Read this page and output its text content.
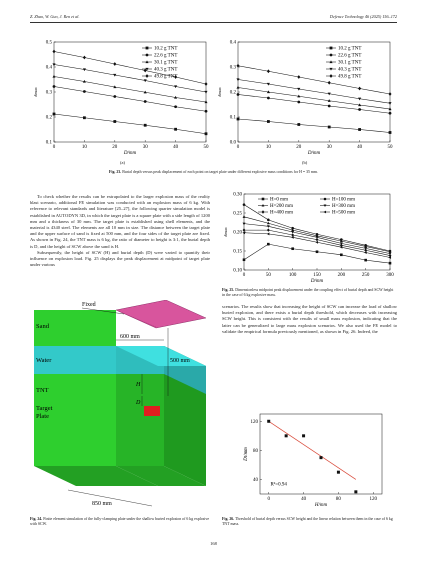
Z. Zhao, W. Guo, J. Ren et al.	Defence Technology 46 (2025) 156–172
0	10	20	30	40	50
0.1
0.2
0.3
0.4
0.5
D/mm
δmax
10.2 g TNT
22.6 g TNT
30.1 g TNT
40.3 g TNT
49.8 g TNT
0	10	20	30	40	50
0.0
0.1
0.2
0.3
0.4
D/mm
δmax
10.2 g TNT
22.6 g TNT
30.1 g TNT
40.3 g TNT
49.8 g TNT
(a)	(b)
Fig. 23. Burial depth versus peak displacement of each point on target plate under different explosive mass conditions for H = 35 mm.

To check whether the results can be extrapolated to the larger explosion mass of the reality blast scenario, additional FE simulation was conducted with an explosion mass of 6 kg. With reference to relevant standards and literature [25–27], the following quarter simulation model is established in AUTODYN 3D, in which the target plate is a square plate with a side length of 1200 mm and a thickness of 30 mm. The target plate is established using shell elements, and the material is 4340 steel. The elements are all 10 mm in size. The distance between the target plate and the upper surface of sand is fixed at 500 mm, and the four sides of the target plate are fixed. As shown in Fig. 24, the TNT mass is 6 kg, the ratio of diameter to height is 3:1, the burial depth is D, and the height of SCW above the sand is H.

Subsequently, the height of SCW (H) and burial depth (D) were varied to quantify their influence on explosion load. Fig. 25 displays the peak displacement at midpoint of target plate under various

0	50	100	150	200	250	300
0.10
0.15
0.20
0.25
0.30
D/mm
δmax
H=0 mm	H=100 mm
H=200 mm	H=300 mm
H=400 mm	H=500 mm
Fig. 25. Dimensionless midpoint peak displacement under the coupling effect of burial depth and SCW height in the case of 6 kg explosive mass.
Fixed
Sand
Water
TNT
Target
Plate
600 mm
500 mm
H
D
850 mm
Fig. 24. Finite element simulation of the fully-clamping plate under the shallow buried explosion of 6 kg explosive with SCW.

scenarios. The results show that increasing the height of SCW can increase the load of shallow buried explosion, and there exists a burial depth threshold, which decreases with increasing SCW height. This is consistent with the results of small mass explosion, indicating that the latter can be generalized to large mass explosion scenarios. We also used the FE model to validate the empirical formula previously mentioned, as shown in Fig. 26. Indeed, the

0	40	80	120
40
80
120
H/mm
Dt/mm
R²=0.94
Fig. 26. Threshold of burial depth versus SCW height and the linear relation between them in the case of 6 kg TNT mass.
168
